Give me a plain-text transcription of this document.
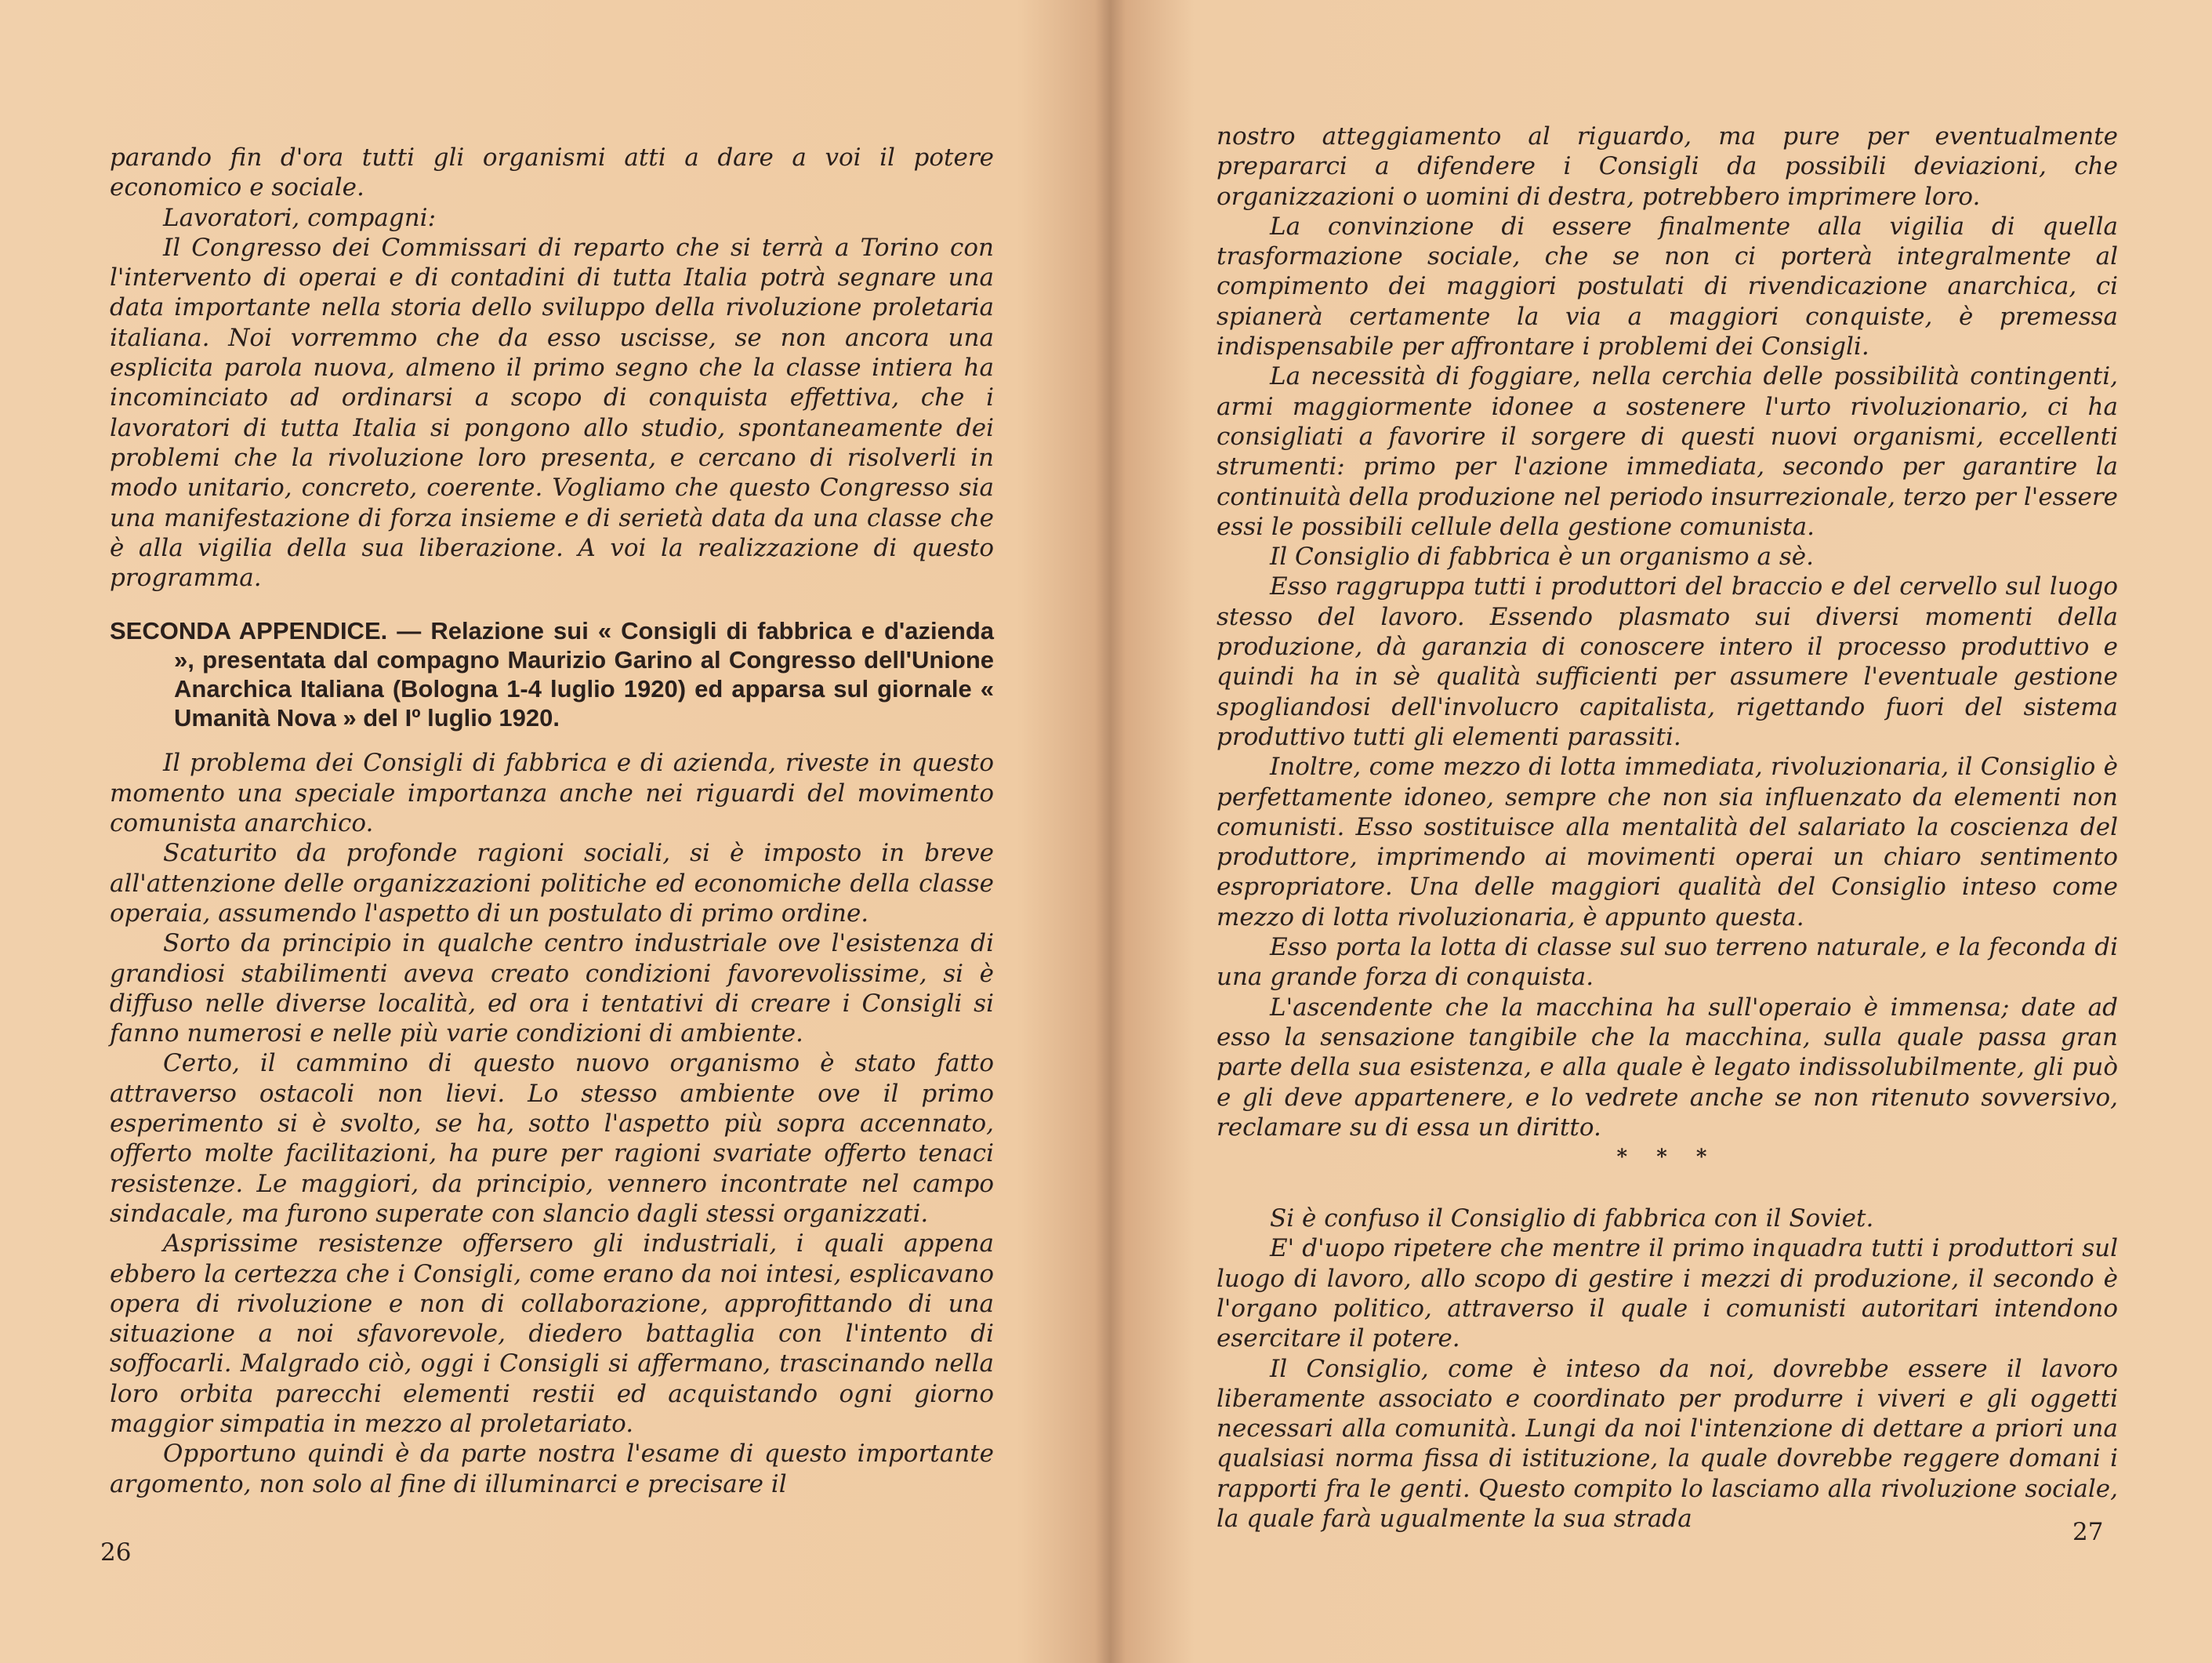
parando fin d'ora tutti gli organismi atti a dare a voi il potere economico e sociale.

Lavoratori, compagni:

Il Congresso dei Commissari di reparto che si terrà a Torino con l'intervento di operai e di contadini di tutta Italia potrà segnare una data importante nella storia dello sviluppo della rivoluzione proletaria italiana. Noi vorremmo che da esso uscisse, se non ancora una esplicita parola nuova, almeno il primo segno che la classe intiera ha incominciato ad ordinarsi a scopo di conquista effettiva, che i lavoratori di tutta Italia si pongono allo studio, spontaneamente dei problemi che la rivoluzione loro presenta, e cercano di risolverli in modo unitario, concreto, coerente. Vogliamo che questo Congresso sia una manifestazione di forza insieme e di serietà data da una classe che è alla vigilia della sua liberazione. A voi la realizzazione di questo programma.

SECONDA APPENDICE. — Relazione sui « Consigli di fabbrica e d'azienda », presentata dal compagno Maurizio Garino al Congresso dell'Unione Anarchica Italiana (Bologna 1-4 luglio 1920) ed apparsa sul giornale « Umanità Nova » del Iº luglio 1920.

Il problema dei Consigli di fabbrica e di azienda, riveste in questo momento una speciale importanza anche nei riguardi del movimento comunista anarchico.

Scaturito da profonde ragioni sociali, si è imposto in breve all'attenzione delle organizzazioni politiche ed economiche della classe operaia, assumendo l'aspetto di un postulato di primo ordine.

Sorto da principio in qualche centro industriale ove l'esistenza di grandiosi stabilimenti aveva creato condizioni favorevolissime, si è diffuso nelle diverse località, ed ora i tentativi di creare i Consigli si fanno numerosi e nelle più varie condizioni di ambiente.

Certo, il cammino di questo nuovo organismo è stato fatto attraverso ostacoli non lievi. Lo stesso ambiente ove il primo esperimento si è svolto, se ha, sotto l'aspetto più sopra accennato, offerto molte facilitazioni, ha pure per ragioni svariate offerto tenaci resistenze. Le maggiori, da principio, vennero incontrate nel campo sindacale, ma furono superate con slancio dagli stessi organizzati.

Asprissime resistenze offersero gli industriali, i quali appena ebbero la certezza che i Consigli, come erano da noi intesi, esplicavano opera di rivoluzione e non di collaborazione, approfittando di una situazione a noi sfavorevole, diedero battaglia con l'intento di soffocarli. Malgrado ciò, oggi i Consigli si affermano, trascinando nella loro orbita parecchi elementi restii ed acquistando ogni giorno maggior simpatia in mezzo al proletariato.

Opportuno quindi è da parte nostra l'esame di questo importante argomento, non solo al fine di illuminarci e precisare il

26

nostro atteggiamento al riguardo, ma pure per eventualmente prepararci a difendere i Consigli da possibili deviazioni, che organizzazioni o uomini di destra, potrebbero imprimere loro.

La convinzione di essere finalmente alla vigilia di quella trasformazione sociale, che se non ci porterà integralmente al compimento dei maggiori postulati di rivendicazione anarchica, ci spianerà certamente la via a maggiori conquiste, è premessa indispensabile per affrontare i problemi dei Consigli.

La necessità di foggiare, nella cerchia delle possibilità contingenti, armi maggiormente idonee a sostenere l'urto rivoluzionario, ci ha consigliati a favorire il sorgere di questi nuovi organismi, eccellenti strumenti: primo per l'azione immediata, secondo per garantire la continuità della produzione nel periodo insurrezionale, terzo per l'essere essi le possibili cellule della gestione comunista.

Il Consiglio di fabbrica è un organismo a sè.

Esso raggruppa tutti i produttori del braccio e del cervello sul luogo stesso del lavoro. Essendo plasmato sui diversi momenti della produzione, dà garanzia di conoscere intero il processo produttivo e quindi ha in sè qualità sufficienti per assumere l'eventuale gestione spogliandosi dell'involucro capitalista, rigettando fuori del sistema produttivo tutti gli elementi parassiti.

Inoltre, come mezzo di lotta immediata, rivoluzionaria, il Consiglio è perfettamente idoneo, sempre che non sia influenzato da elementi non comunisti. Esso sostituisce alla mentalità del salariato la coscienza del produttore, imprimendo ai movimenti operai un chiaro sentimento espropriatore. Una delle maggiori qualità del Consiglio inteso come mezzo di lotta rivoluzionaria, è appunto questa.

Esso porta la lotta di classe sul suo terreno naturale, e la feconda di una grande forza di conquista.

L'ascendente che la macchina ha sull'operaio è immensa; date ad esso la sensazione tangibile che la macchina, sulla quale passa gran parte della sua esistenza, e alla quale è legato indissolubilmente, gli può e gli deve appartenere, e lo vedrete anche se non ritenuto sovversivo, reclamare su di essa un diritto.

* * *

Si è confuso il Consiglio di fabbrica con il Soviet.

E' d'uopo ripetere che mentre il primo inquadra tutti i produttori sul luogo di lavoro, allo scopo di gestire i mezzi di produzione, il secondo è l'organo politico, attraverso il quale i comunisti autoritari intendono esercitare il potere.

Il Consiglio, come è inteso da noi, dovrebbe essere il lavoro liberamente associato e coordinato per produrre i viveri e gli oggetti necessari alla comunità. Lungi da noi l'intenzione di dettare a priori una qualsiasi norma fissa di istituzione, la quale dovrebbe reggere domani i rapporti fra le genti. Questo compito lo lasciamo alla rivoluzione sociale, la quale farà ugualmente la sua strada	27
